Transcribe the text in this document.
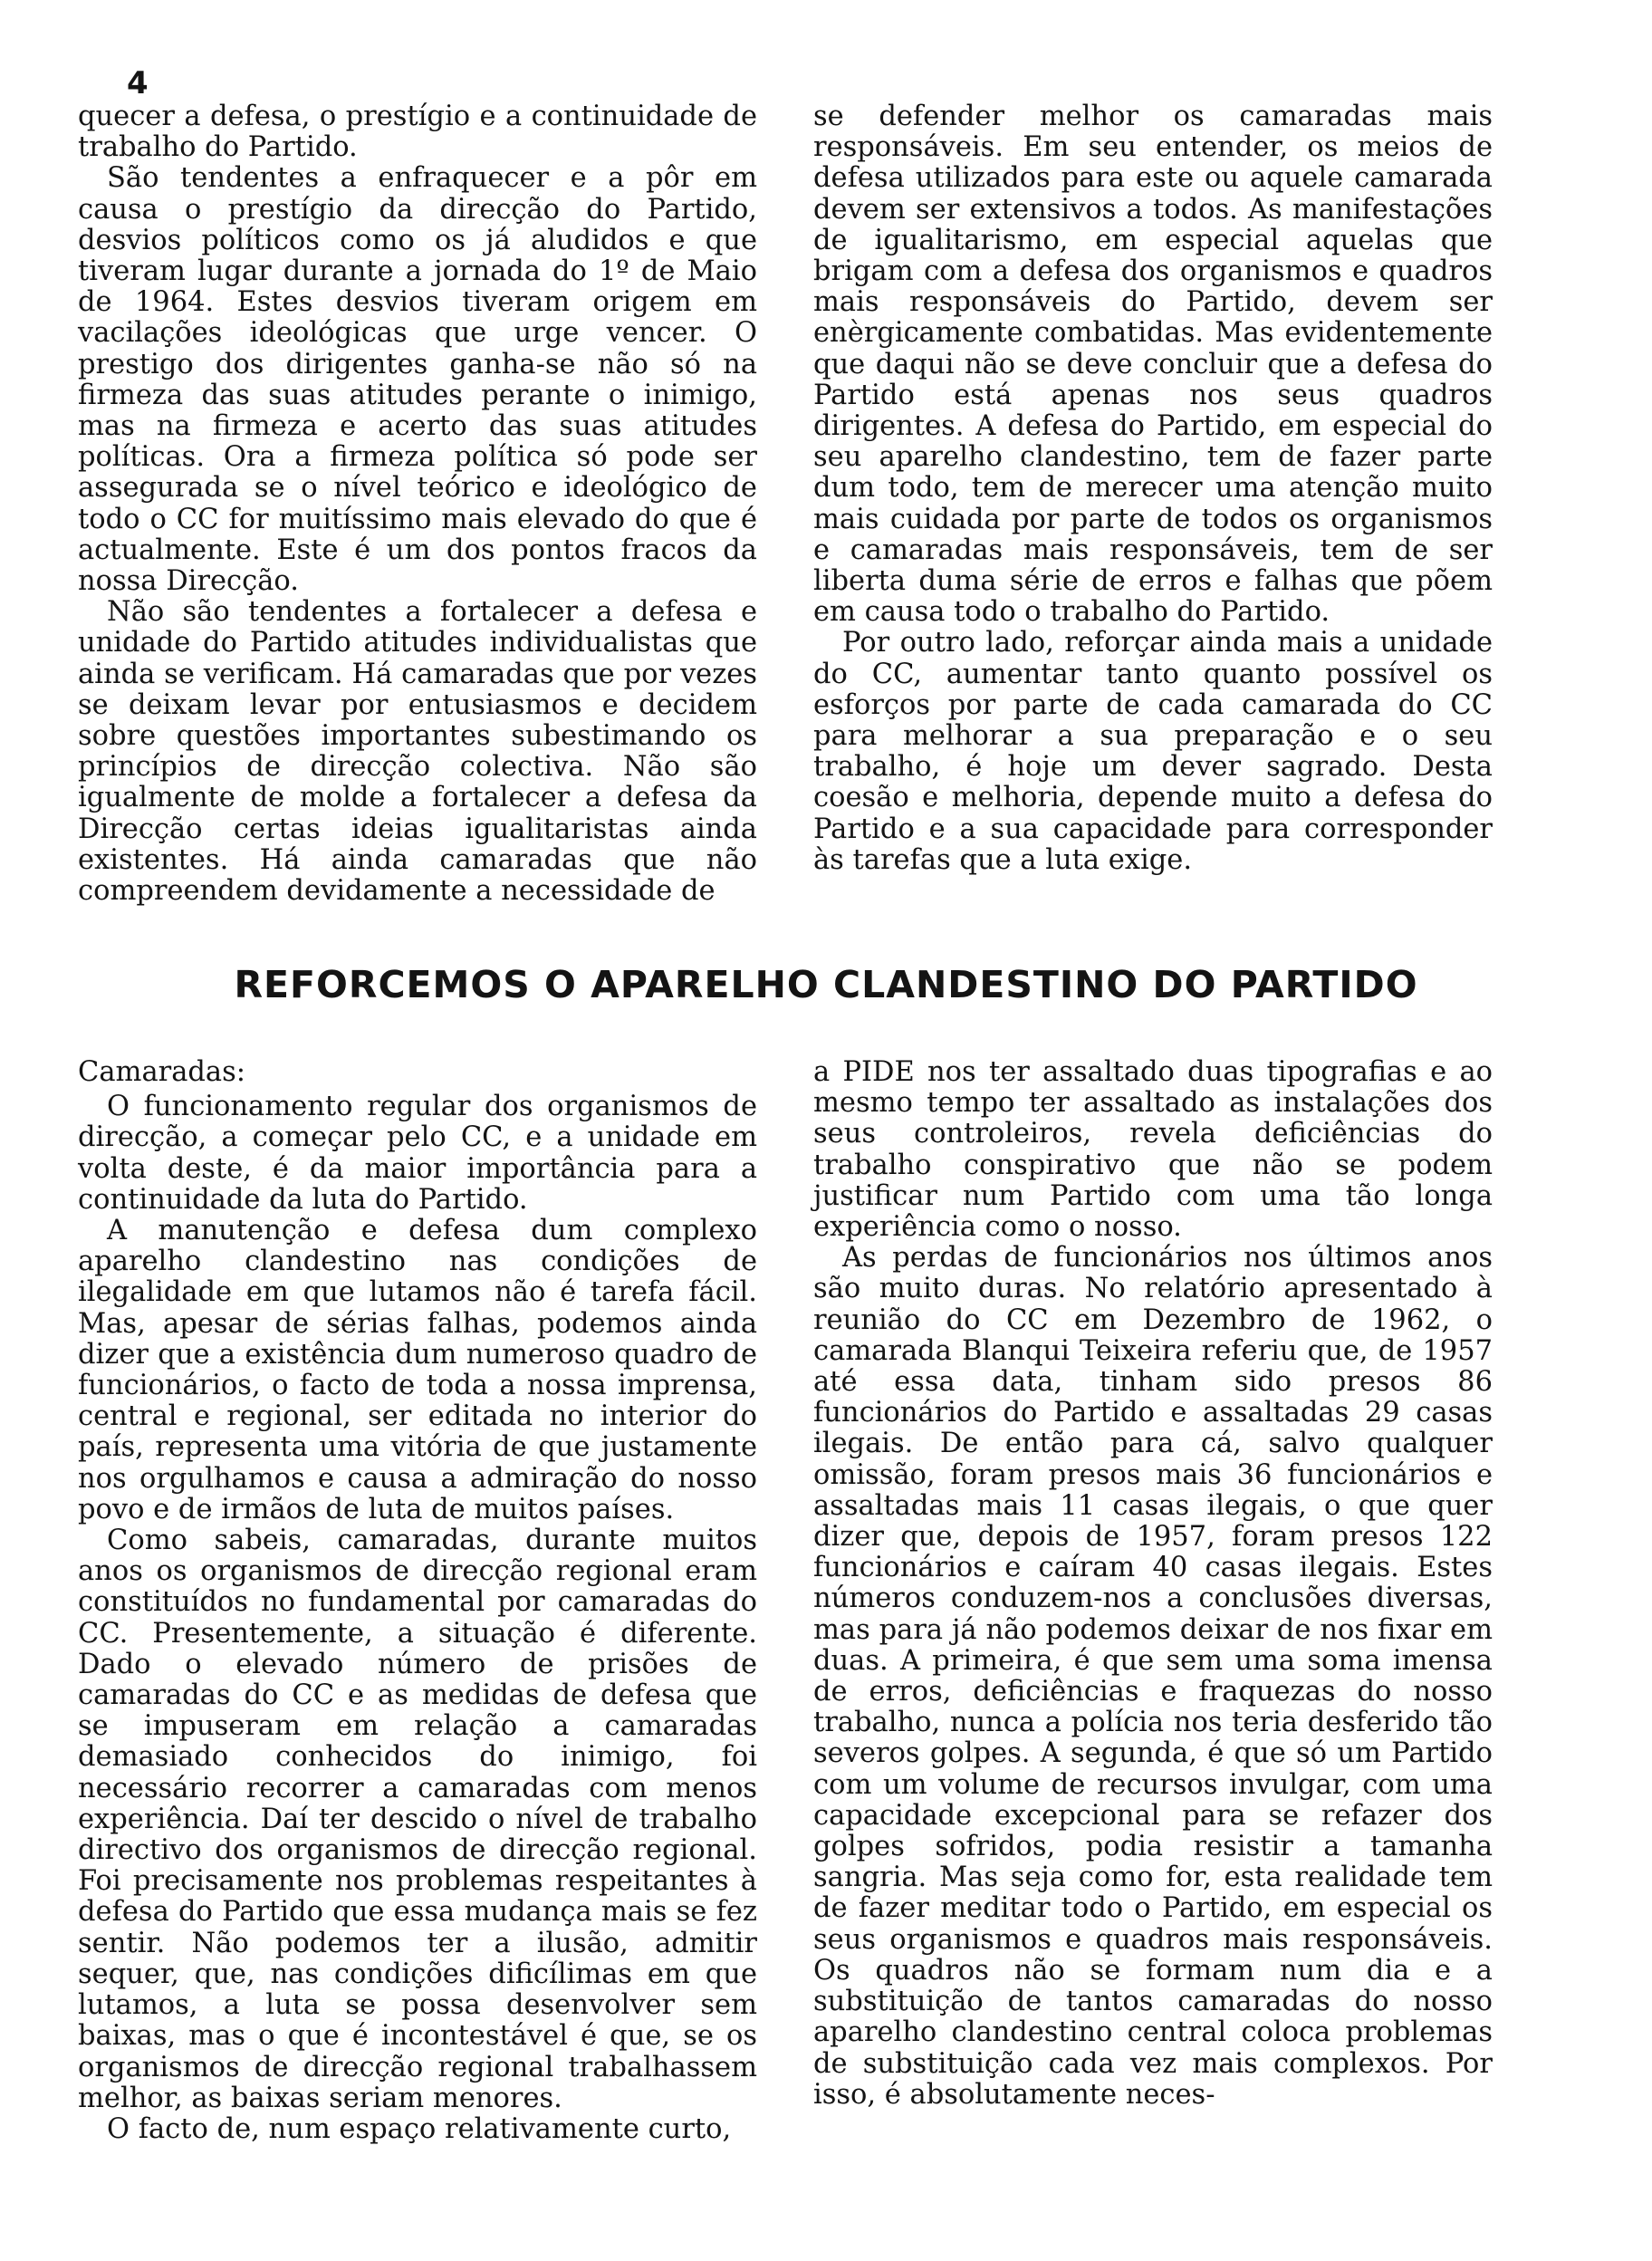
4

quecer a defesa, o prestígio e a continuidade de trabalho do Partido.

São tendentes a enfraquecer e a pôr em causa o prestígio da direcção do Partido, desvios políticos como os já aludidos e que tiveram lugar durante a jornada do 1º de Maio de 1964. Estes desvios tiveram origem em vacilações ideológicas que urge vencer. O prestigo dos dirigentes ganha-se não só na firmeza das suas atitudes perante o inimigo, mas na firmeza e acerto das suas atitudes políticas. Ora a firmeza política só pode ser assegurada se o nível teórico e ideológico de todo o CC for muitíssimo mais elevado do que é actualmente. Este é um dos pontos fracos da nossa Direcção.

Não são tendentes a fortalecer a defesa e unidade do Partido atitudes individualistas que ainda se verificam. Há camaradas que por vezes se deixam levar por entusiasmos e decidem sobre questões importantes subestimando os princípios de direcção colectiva. Não são igualmente de molde a fortalecer a defesa da Direcção certas ideias igualitaristas ainda existentes. Há ainda camaradas que não compreendem devidamente a necessidade de

se defender melhor os camaradas mais responsáveis. Em seu entender, os meios de defesa utilizados para este ou aquele camarada devem ser extensivos a todos. As manifestações de igualitarismo, em especial aquelas que brigam com a defesa dos organismos e quadros mais responsáveis do Partido, devem ser enèrgicamente combatidas. Mas evidentemente que daqui não se deve concluir que a defesa do Partido está apenas nos seus quadros dirigentes. A defesa do Partido, em especial do seu aparelho clandestino, tem de fazer parte dum todo, tem de merecer uma atenção muito mais cuidada por parte de todos os organismos e camaradas mais responsáveis, tem de ser liberta duma série de erros e falhas que põem em causa todo o trabalho do Partido.

Por outro lado, reforçar ainda mais a unidade do CC, aumentar tanto quanto possível os esforços por parte de cada camarada do CC para melhorar a sua preparação e o seu trabalho, é hoje um dever sagrado. Desta coesão e melhoria, depende muito a defesa do Partido e a sua capacidade para corresponder às tarefas que a luta exige.

REFORCEMOS O APARELHO CLANDESTINO DO PARTIDO

Camaradas:

O funcionamento regular dos organismos de direcção, a começar pelo CC, e a unidade em volta deste, é da maior importância para a continuidade da luta do Partido.

A manutenção e defesa dum complexo aparelho clandestino nas condições de ilegalidade em que lutamos não é tarefa fácil. Mas, apesar de sérias falhas, podemos ainda dizer que a existência dum numeroso quadro de funcionários, o facto de toda a nossa imprensa, central e regional, ser editada no interior do país, representa uma vitória de que justamente nos orgulhamos e causa a admiração do nosso povo e de irmãos de luta de muitos países.

Como sabeis, camaradas, durante muitos anos os organismos de direcção regional eram constituídos no fundamental por camaradas do CC. Presentemente, a situação é diferente. Dado o elevado número de prisões de camaradas do CC e as medidas de defesa que se impuseram em relação a camaradas demasiado conhecidos do inimigo, foi necessário recorrer a camaradas com menos experiência. Daí ter descido o nível de trabalho directivo dos organismos de direcção regional. Foi precisamente nos problemas respeitantes à defesa do Partido que essa mudança mais se fez sentir. Não podemos ter a ilusão, admitir sequer, que, nas condições dificílimas em que lutamos, a luta se possa desenvolver sem baixas, mas o que é incontestável é que, se os organismos de direcção regional trabalhassem melhor, as baixas seriam menores.

O facto de, num espaço relativamente curto,

a PIDE nos ter assaltado duas tipografias e ao mesmo tempo ter assaltado as instalações dos seus controleiros, revela deficiências do trabalho conspirativo que não se podem justificar num Partido com uma tão longa experiência como o nosso.

As perdas de funcionários nos últimos anos são muito duras. No relatório apresentado à reunião do CC em Dezembro de 1962, o camarada Blanqui Teixeira referiu que, de 1957 até essa data, tinham sido presos 86 funcionários do Partido e assaltadas 29 casas ilegais. De então para cá, salvo qualquer omissão, foram presos mais 36 funcionários e assaltadas mais 11 casas ilegais, o que quer dizer que, depois de 1957, foram presos 122 funcionários e caíram 40 casas ilegais. Estes números conduzem-nos a conclusões diversas, mas para já não podemos deixar de nos fixar em duas. A primeira, é que sem uma soma imensa de erros, deficiências e fraquezas do nosso trabalho, nunca a polícia nos teria desferido tão severos golpes. A segunda, é que só um Partido com um volume de recursos invulgar, com uma capacidade excepcional para se refazer dos golpes sofridos, podia resistir a tamanha sangria. Mas seja como for, esta realidade tem de fazer meditar todo o Partido, em especial os seus organismos e quadros mais responsáveis. Os quadros não se formam num dia e a substituição de tantos camaradas do nosso aparelho clandestino central coloca problemas de substituição cada vez mais complexos. Por isso, é absolutamente neces-
